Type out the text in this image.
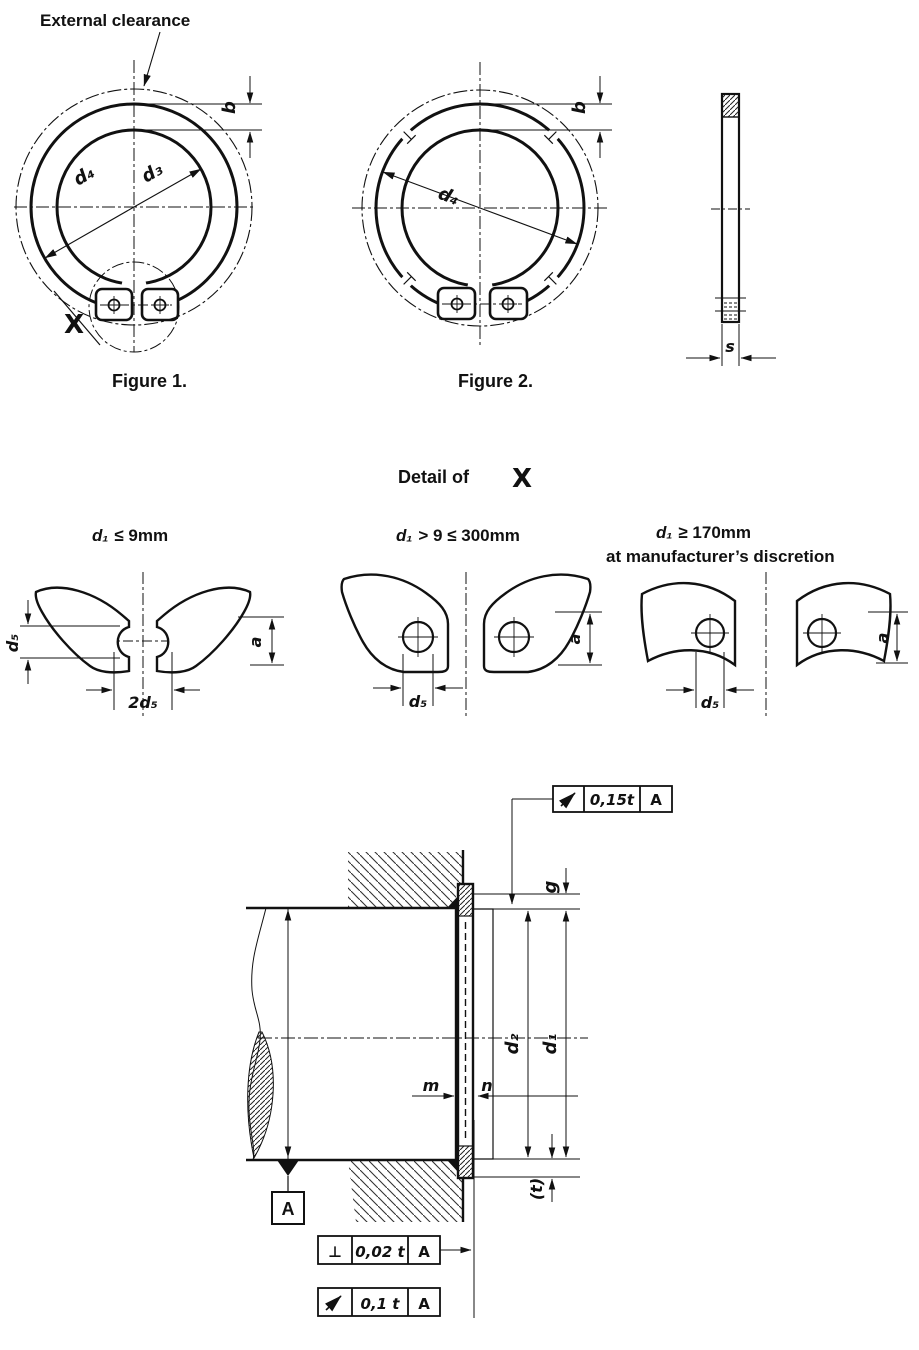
d₄ d₃
b
External clearance
X
Figure 1.
d₄
b
Figure 2.
s
Detail of X
d₁ ≤ 9mm	d₁ > 9 ≤ 300mm	d₁ ≥ 170mm
at manufacturer’s discretion
d₅	a
2d₅
a
d₅
a
d₅
g
d₂ d₁
(t)
m	n
A
0,15t A
⊥ 0,02 t A
0,1 t A
